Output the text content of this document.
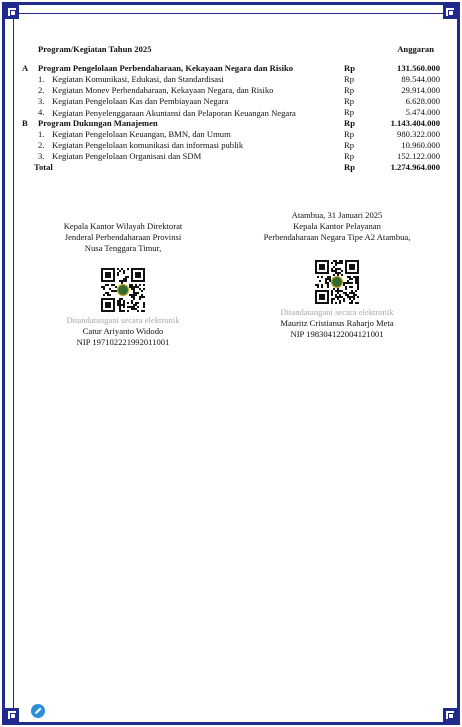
Program/Kegiatan Tahun 2025	Anggaran
A	Program Pengelolaan Perbendaharaan, Kekayaan Negara dan Risiko	Rp	131.560.000
1. Kegiatan Komunikasi, Edukasi, dan Standardisasi	Rp	89.544.000
2. Kegiatan Monev Perbendaharaan, Kekayaan Negara, dan Risiko	Rp	29.914.000
3. Kegiatan Pengelolaan Kas dan Pembiayaan Negara	Rp	6.628.000
4. Kegiatan Penyelenggaraan Akuntansi dan Pelaporan Keuangan Negara	Rp	5.474.000
B	Program Dukungan Manajemen	Rp	1.143.404.000
1. Kegiatan Pengelolaan Keuangan, BMN, dan Umum	Rp	980.322.000
2. Kegiatan Pengelolaan komunikasi dan informasi publik	Rp	10.960.000
3. Kegiatan Pengelolaan Organisasi dan SDM	Rp	152.122.000
Total	Rp	1.274.964.000
Kepala Kantor Wilayah Direktorat
Jenderal Perbendaharaan Provinsi
Nusa Tenggara Timur,
Ditandatangani secara elektronik
Catur Ariyanto Widodo
NIP 197102221992011001
Atambua, 31 Januari 2025
Kepala Kantor Pelayanan
Perbendaharaan Negara Tipe A2 Atambua,
Ditandatangani secara elektronik
Mauritz Cristianus Raharjo Meta
NIP 198304122004121001
